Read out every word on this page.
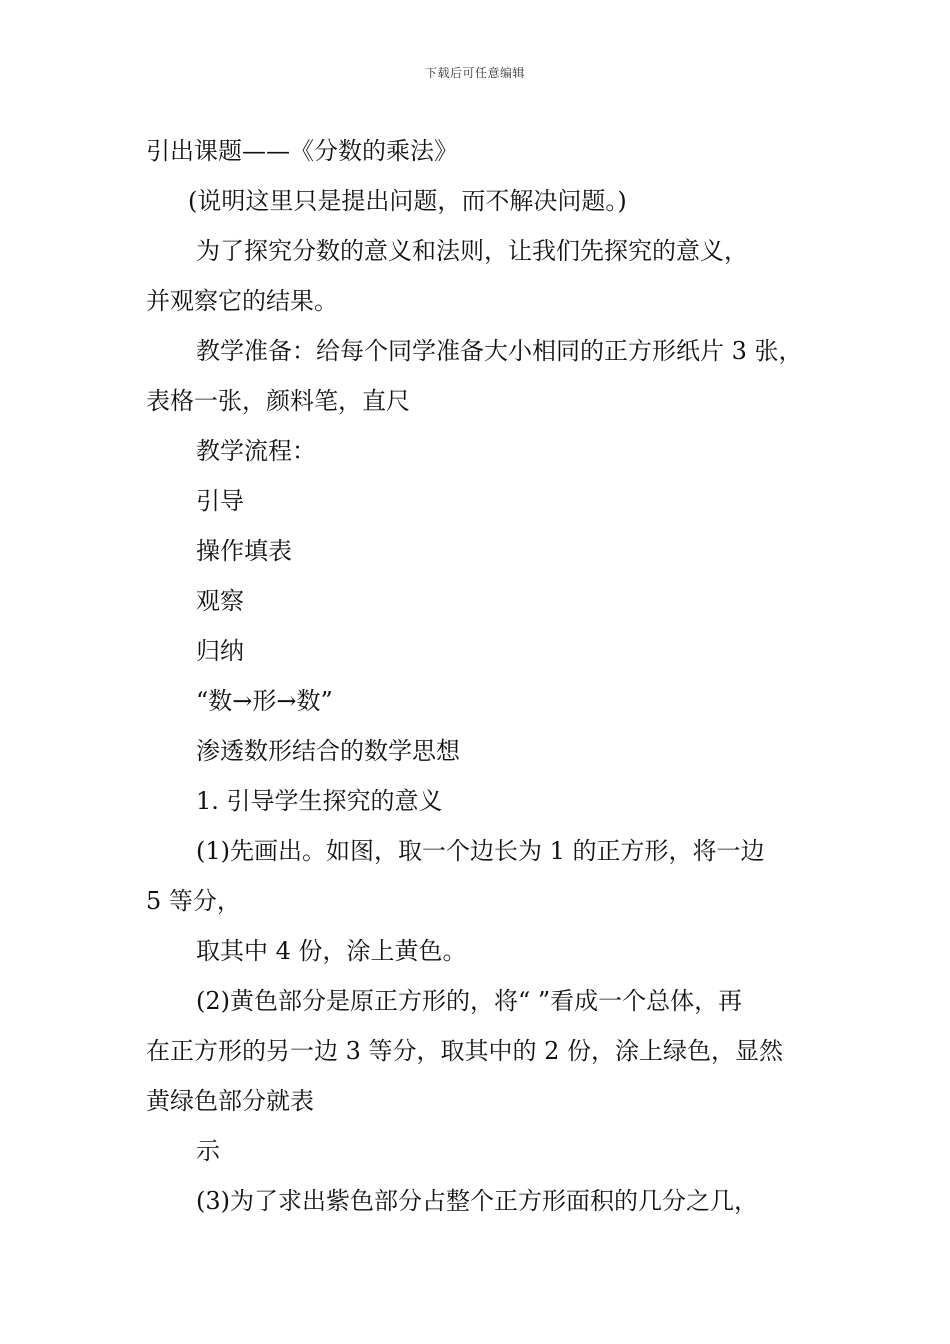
下载后可任意编辑
引出课题——《分数的乘法》
(说明这里只是提出问题，而不解决问题。)
为了探究分数的意义和法则，让我们先探究的意义，
并观察它的结果。
教学准备：给每个同学准备大小相同的正方形纸片 3 张，
表格一张，颜料笔，直尺
教学流程：
引导
操作填表
观察
归纳
“数→形→数”
渗透数形结合的数学思想
1. 引导学生探究的意义
(1)先画出。如图，取一个边长为 1 的正方形，将一边
5 等分，
取其中 4 份，涂上黄色。
(2)黄色部分是原正方形的，将“ ”看成一个总体，再
在正方形的另一边 3 等分，取其中的 2 份，涂上绿色，显然
黄绿色部分就表
示
(3)为了求出紫色部分占整个正方形面积的几分之几，
